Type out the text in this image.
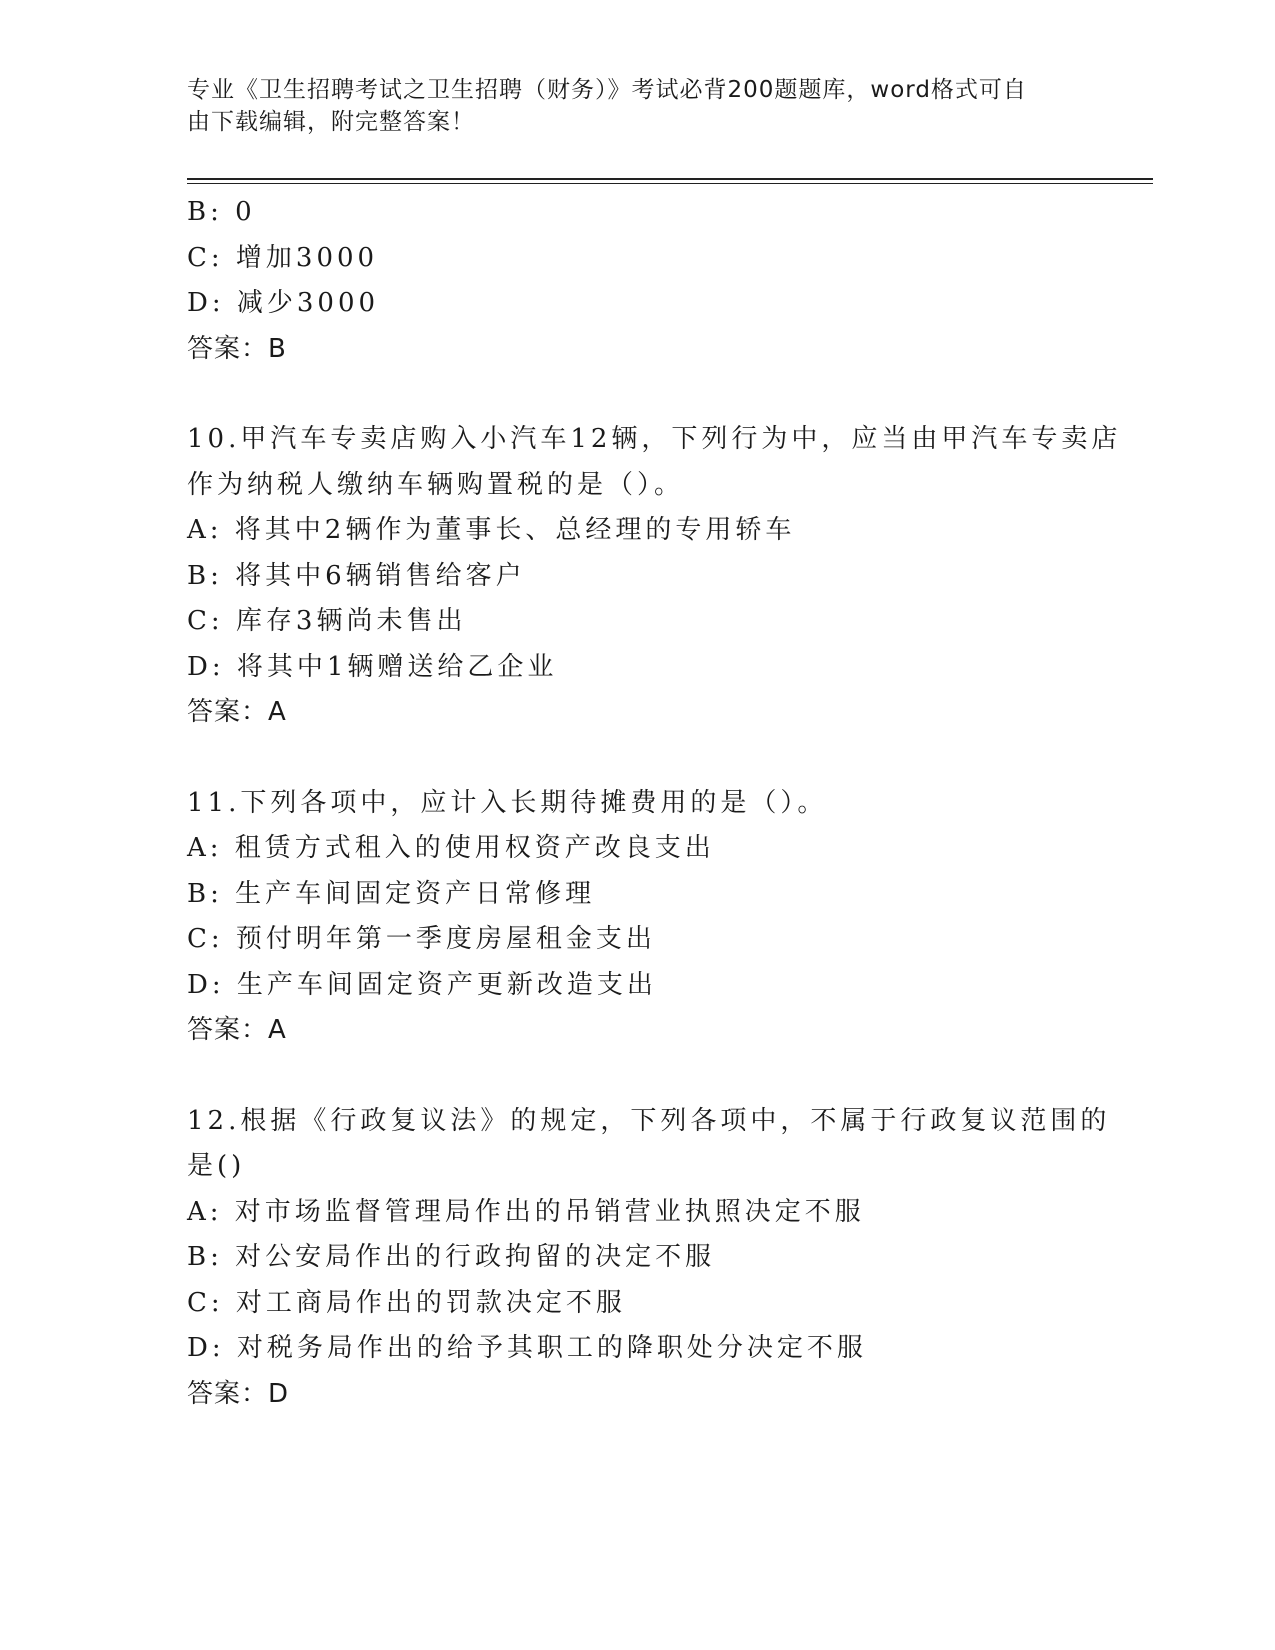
专业《卫生招聘考试之卫生招聘（财务）》考试必背200题题库，word格式可自
由下载编辑，附完整答案！
B: 0
C: 增加3000
D: 减少3000
答案：B
10.甲汽车专卖店购入小汽车12辆，下列行为中，应当由甲汽车专卖店作为纳税人缴纳车辆购置税的是（）。
A: 将其中2辆作为董事长、总经理的专用轿车
B: 将其中6辆销售给客户
C: 库存3辆尚未售出
D: 将其中1辆赠送给乙企业
答案：A
11.下列各项中，应计入长期待摊费用的是（）。
A: 租赁方式租入的使用权资产改良支出
B: 生产车间固定资产日常修理
C: 预付明年第一季度房屋租金支出
D: 生产车间固定资产更新改造支出
答案：A
12.根据《行政复议法》的规定，下列各项中，不属于行政复议范围的是()
A: 对市场监督管理局作出的吊销营业执照决定不服
B: 对公安局作出的行政拘留的决定不服
C: 对工商局作出的罚款决定不服
D: 对税务局作出的给予其职工的降职处分决定不服
答案：D
